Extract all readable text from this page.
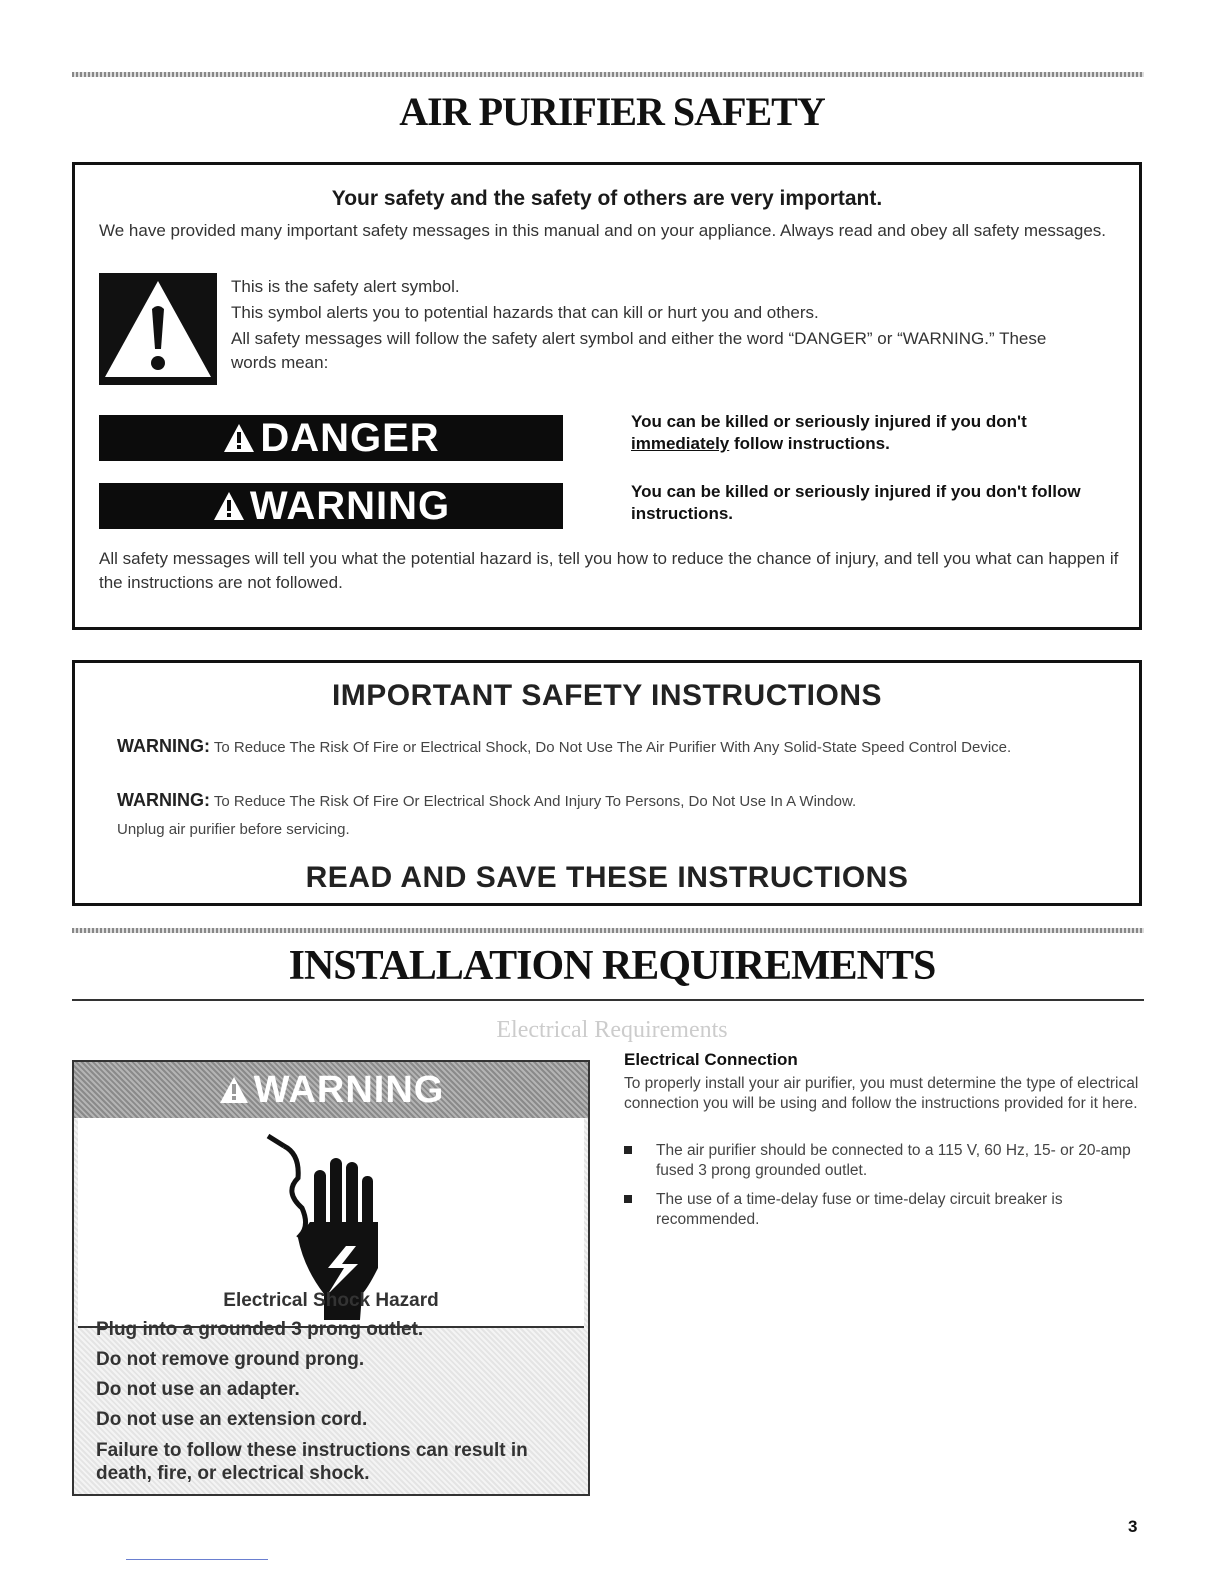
AIR PURIFIER SAFETY
Your safety and the safety of others are very important.
We have provided many important safety messages in this manual and on your appliance. Always read and obey all safety messages.

This is the safety alert symbol.

This symbol alerts you to potential hazards that can kill or hurt you and others.

All safety messages will follow the safety alert symbol and either the word “DANGER” or “WARNING.” These words mean:

DANGER	You can be killed or seriously injured if you don't immediately follow instructions.
WARNING	You can be killed or seriously injured if you don't follow instructions.
All safety messages will tell you what the potential hazard is, tell you how to reduce the chance of injury, and tell you what can happen if the instructions are not followed.
IMPORTANT SAFETY INSTRUCTIONS
WARNING: To Reduce The Risk Of Fire or Electrical Shock, Do Not Use The Air Purifier With Any Solid-State Speed Control Device.
WARNING: To Reduce The Risk Of Fire Or Electrical Shock And Injury To Persons, Do Not Use In A Window.
Unplug air purifier before servicing.
READ AND SAVE THESE INSTRUCTIONS
INSTALLATION REQUIREMENTS
Electrical Requirements
WARNING
Electrical Shock Hazard
Plug into a grounded 3 prong outlet.
Do not remove ground prong.
Do not use an adapter.
Do not use an extension cord.
Failure to follow these instructions can result in death, fire, or electrical shock.
Electrical Connection
To properly install your air purifier, you must determine the type of electrical connection you will be using and follow the instructions provided for it here.
The air purifier should be connected to a 115 V, 60 Hz, 15- or 20-amp fused 3 prong grounded outlet.
The use of a time-delay fuse or time-delay circuit breaker is recommended.
3
